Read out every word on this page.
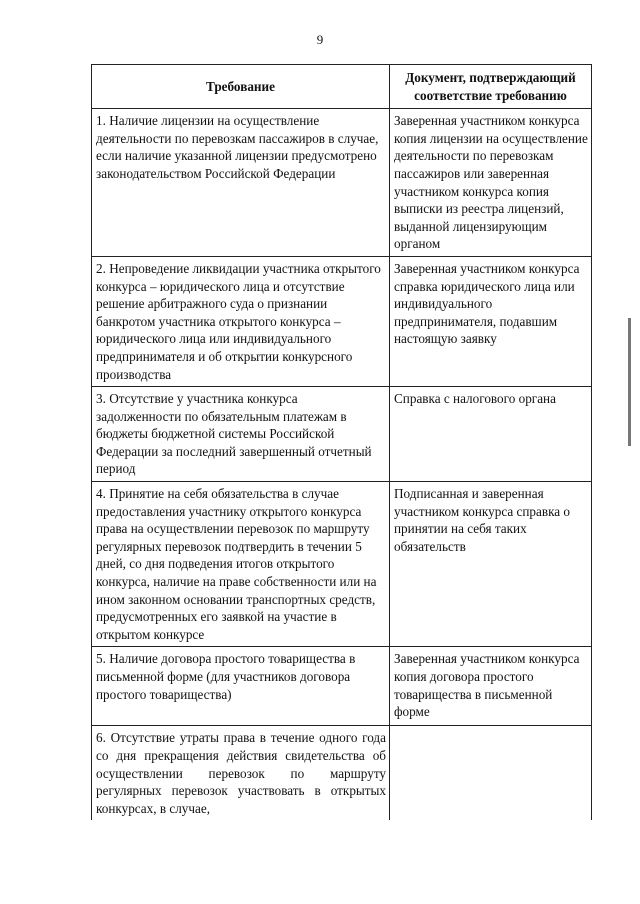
9
Требование	Документ, подтверждающий соответствие требованию
1. Наличие лицензии на осуществление деятельности по перевозкам пассажиров в случае, если наличие указанной лицензии предусмотрено законодательством Российской Федерации	Заверенная участником конкурса копия лицензии на осуществление деятельности по перевозкам пассажиров или заверенная участником конкурса копия выписки из реестра лицензий, выданной лицензирующим органом
2. Непроведение ликвидации участника открытого конкурса – юридического лица и отсутствие решение арбитражного суда о признании банкротом участника открытого конкурса – юридического лица или индивидуального предпринимателя и об открытии конкурсного производства	Заверенная участником конкурса справка юридического лица или индивидуального предпринимателя, подавшим настоящую заявку
3. Отсутствие у участника конкурса задолженности по обязательным платежам в бюджеты бюджетной системы Российской Федерации за последний завершенный отчетный период	Справка с налогового органа
4. Принятие на себя обязательства в случае предоставления участнику открытого конкурса права на осуществлении перевозок по маршруту регулярных перевозок подтвердить в течении 5 дней, со дня подведения итогов открытого конкурса, наличие на праве собственности или на ином законном основании транспортных средств, предусмотренных его заявкой на участие в открытом конкурсе	Подписанная и заверенная участником конкурса справка о принятии на себя таких обязательств
5. Наличие договора простого товарищества в письменной форме (для участников договора простого товарищества)	Заверенная участником конкурса копия договора простого товарищества в письменной форме
6. Отсутствие утраты права в течение одного года со дня прекращения действия свидетельства об осуществлении перевозок по маршруту регулярных перевозок участвовать в открытых конкурсах, в случае,	
